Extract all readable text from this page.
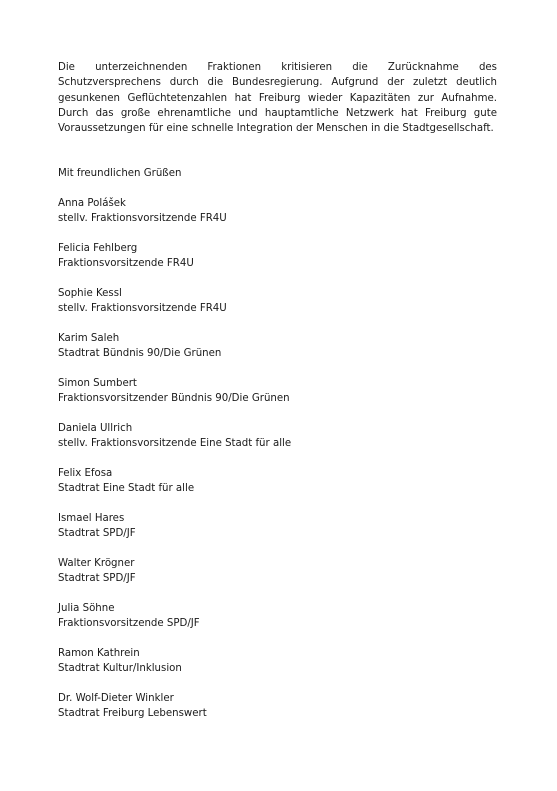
Die unterzeichnenden Fraktionen kritisieren die Zurücknahme des Schutzversprechens durch die Bundesregierung. Aufgrund der zuletzt deutlich gesunkenen Geflüchtetenzahlen hat Freiburg wieder Kapazitäten zur Aufnahme. Durch das große ehrenamtliche und hauptamtliche Netzwerk hat Freiburg gute Voraussetzungen für eine schnelle Integration der Menschen in die Stadtgesellschaft.

Mit freundlichen Grüßen

Anna Polášek
stellv. Fraktionsvorsitzende FR4U
Felicia Fehlberg
Fraktionsvorsitzende FR4U
Sophie Kessl
stellv. Fraktionsvorsitzende FR4U
Karim Saleh
Stadtrat Bündnis 90/Die Grünen
Simon Sumbert
Fraktionsvorsitzender Bündnis 90/Die Grünen
Daniela Ullrich
stellv. Fraktionsvorsitzende Eine Stadt für alle
Felix Efosa
Stadtrat Eine Stadt für alle
Ismael Hares
Stadtrat SPD/JF
Walter Krögner
Stadtrat SPD/JF
Julia Söhne
Fraktionsvorsitzende SPD/JF
Ramon Kathrein
Stadtrat Kultur/Inklusion
Dr. Wolf-Dieter Winkler
Stadtrat Freiburg Lebenswert
